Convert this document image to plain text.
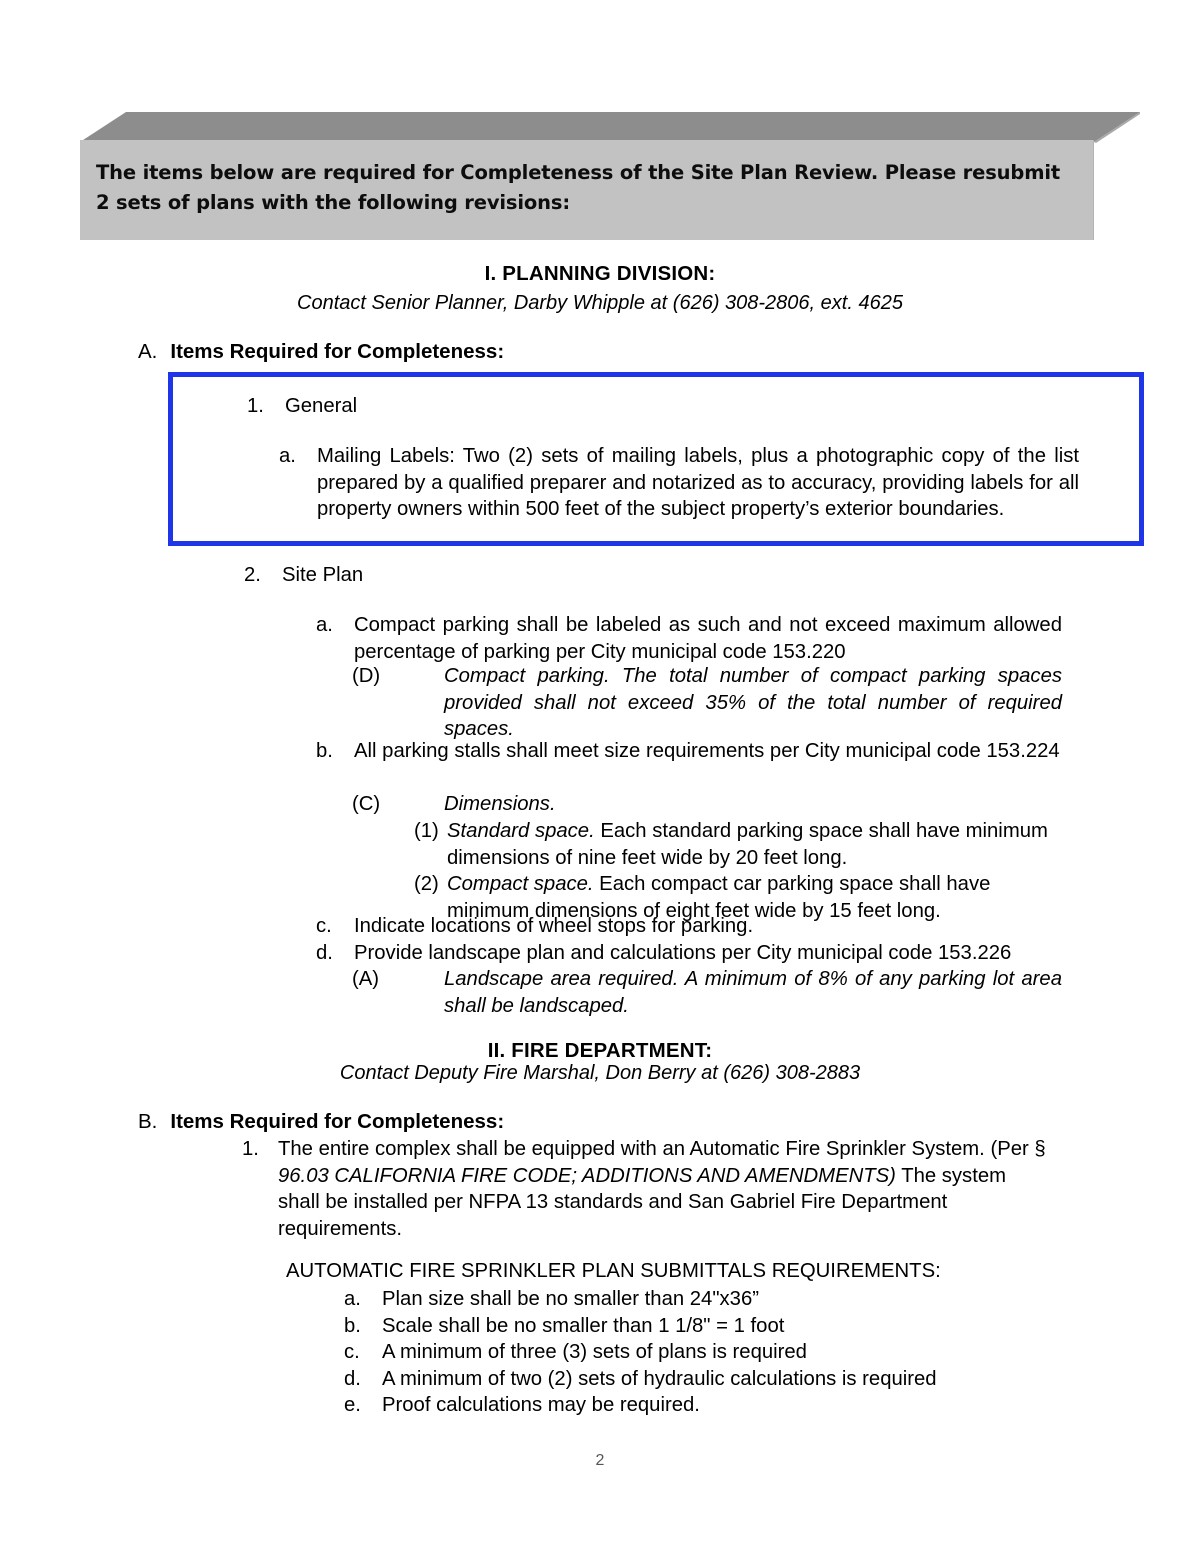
The items below are required for Completeness of the Site Plan Review. Please resubmit 2 sets of plans with the following revisions:
I. PLANNING DIVISION:
Contact Senior Planner, Darby Whipple at (626) 308-2806, ext. 4625
A. Items Required for Completeness:
1. General
a. Mailing Labels: Two (2) sets of mailing labels, plus a photographic copy of the list prepared by a qualified preparer and notarized as to accuracy, providing labels for all property owners within 500 feet of the subject property’s exterior boundaries.
2. Site Plan
a. Compact parking shall be labeled as such and not exceed maximum allowed percentage of parking per City municipal code 153.220
(D)	Compact parking. The total number of compact parking spaces provided shall not exceed 35% of the total number of required spaces.
b. All parking stalls shall meet size requirements per City municipal code 153.224
(C)	Dimensions.
(1) Standard space. Each standard parking space shall have minimum dimensions of nine feet wide by 20 feet long.
(2) Compact space. Each compact car parking space shall have minimum dimensions of eight feet wide by 15 feet long.
c. Indicate locations of wheel stops for parking.
d. Provide landscape plan and calculations per City municipal code 153.226
(A)	Landscape area required. A minimum of 8% of any parking lot area shall be landscaped.
II. FIRE DEPARTMENT:
Contact Deputy Fire Marshal, Don Berry at (626) 308-2883
B. Items Required for Completeness:
1. The entire complex shall be equipped with an Automatic Fire Sprinkler System. (Per § 96.03 CALIFORNIA FIRE CODE; ADDITIONS AND AMENDMENTS) The system shall be installed per NFPA 13 standards and San Gabriel Fire Department requirements.
AUTOMATIC FIRE SPRINKLER PLAN SUBMITTALS REQUIREMENTS:
a. Plan size shall be no smaller than 24"x36”
b. Scale shall be no smaller than 1 1/8" = 1 foot
c. A minimum of three (3) sets of plans is required
d. A minimum of two (2) sets of hydraulic calculations is required
e. Proof calculations may be required.
2
